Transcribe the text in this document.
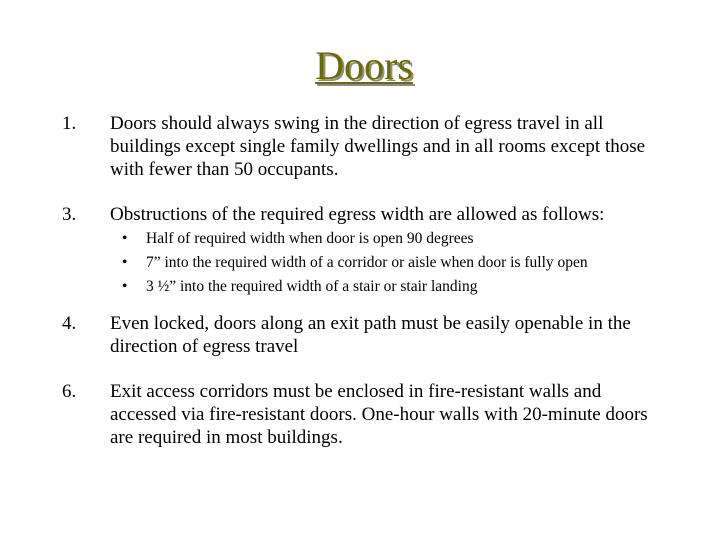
Doors
1. Doors should always swing in the direction of egress travel in all buildings except single family dwellings and in all rooms except those with fewer than 50 occupants.
3. Obstructions of the required egress width are allowed as follows:
• Half of required width when door is open 90 degrees
• 7” into the required width of a corridor or aisle when door is fully open
• 3 ½” into the required width of a stair or stair landing
4. Even locked, doors along an exit path must be easily openable in the direction of egress travel
6. Exit access corridors must be enclosed in fire-resistant walls and accessed via fire-resistant doors. One-hour walls with 20-minute doors are required in most buildings.
